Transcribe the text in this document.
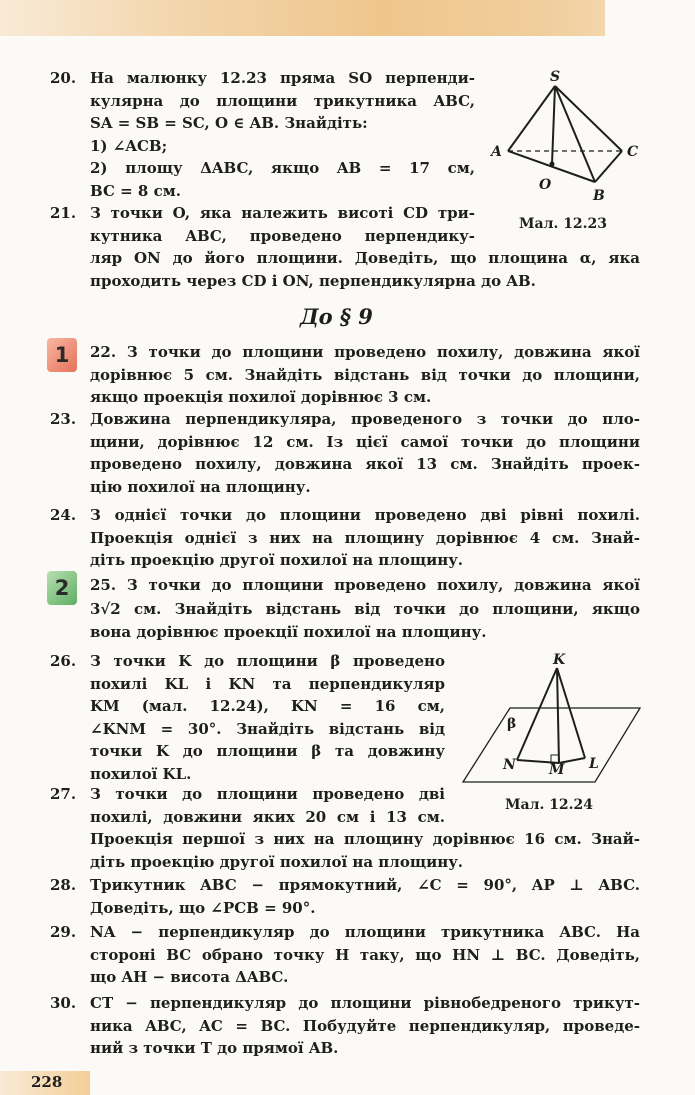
20. На малюнку 12.23 пряма SO перпенди-
кулярна до площини трикутника ABC,
SA = SB = SC, O ∈ AB. Знайдіть:
1) ∠ACB;
2) площу ΔABC, якщо AB = 17 см,
BC = 8 см.
S
A	C
O
B
Мал. 12.23
21. З точки O, яка належить висоті CD три-
кутника ABC, проведено перпендику-
ляр ON до його площини. Доведіть, що площина α, яка
проходить через CD і ON, перпендикулярна до AB.
До § 9
1	22. З точки до площини проведено похилу, довжина якої
дорівнює 5 см. Знайдіть відстань від точки до площини,
якщо проекція похилої дорівнює 3 см.
23. Довжина перпендикуляра, проведеного з точки до пло-
щини, дорівнює 12 см. Із цієї самої точки до площини
проведено похилу, довжина якої 13 см. Знайдіть проек-
цію похилої на площину.
24. З однієї точки до площини проведено дві рівні похилі.
Проекція однієї з них на площину дорівнює 4 см. Знай-
діть проекцію другої похилої на площину.
2	25. З точки до площини проведено похилу, довжина якої
3√2 см. Знайдіть відстань від точки до площини, якщо
вона дорівнює проекції похилої на площину.
26. З точки K до площини β проведено
похилі KL і KN та перпендикуляр
KM (мал. 12.24), KN = 16 см,
∠KNM = 30°. Знайдіть відстань від
точки K до площини β та довжину
похилої KL.
K
β
N M L
Мал. 12.24
27. З точки до площини проведено дві
похилі, довжини яких 20 см і 13 см.
Проекція першої з них на площину дорівнює 16 см. Знай-
діть проекцію другої похилої на площину.
28. Трикутник ABC − прямокутний, ∠C = 90°, AP ⊥ ABC.
Доведіть, що ∠PCB = 90°.
29. NA − перпендикуляр до площини трикутника ABC. На
стороні BC обрано точку H таку, що HN ⊥ BC. Доведіть,
що AH − висота ΔABC.
30. CT − перпендикуляр до площини рівнобедреного трикут-
ника ABC, AC = BC. Побудуйте перпендикуляр, проведе-
ний з точки T до прямої AB.
228
